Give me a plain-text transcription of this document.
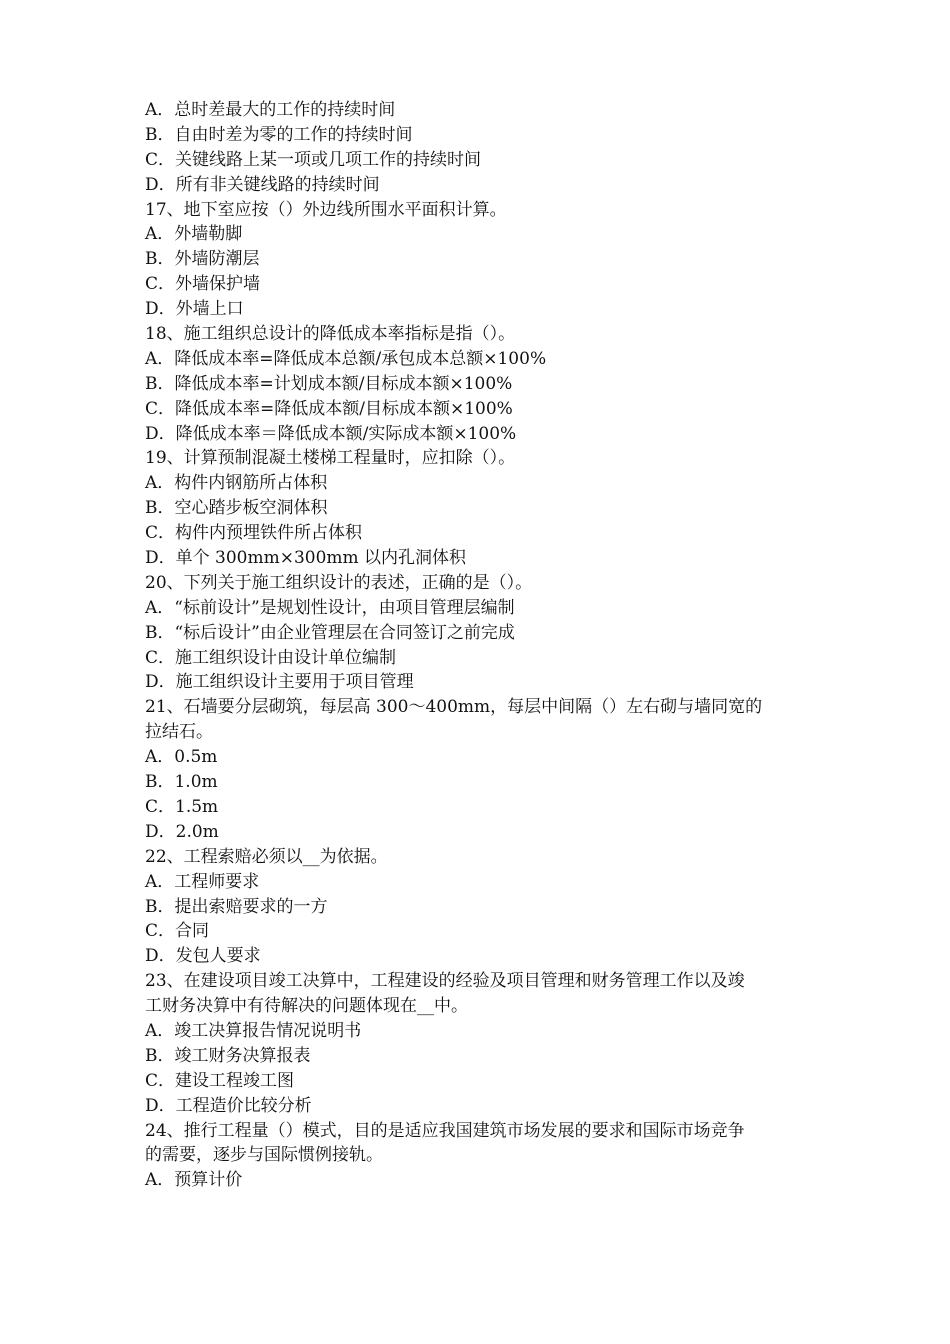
A．总时差最大的工作的持续时间
B．自由时差为零的工作的持续时间
C．关键线路上某一项或几项工作的持续时间
D．所有非关键线路的持续时间
17、地下室应按（）外边线所围水平面积计算。
A．外墙勒脚
B．外墙防潮层
C．外墙保护墙
D．外墙上口
18、施工组织总设计的降低成本率指标是指（）。
A．降低成本率=降低成本总额/承包成本总额×100%
B．降低成本率=计划成本额/目标成本额×100%
C．降低成本率=降低成本额/目标成本额×100%
D．降低成本率＝降低成本额/实际成本额×100%
19、计算预制混凝土楼梯工程量时，应扣除（）。
A．构件内钢筋所占体积
B．空心踏步板空洞体积
C．构件内预埋铁件所占体积
D．单个 300mm×300mm 以内孔洞体积
20、下列关于施工组织设计的表述，正确的是（）。
A．“标前设计”是规划性设计，由项目管理层编制
B．“标后设计”由企业管理层在合同签订之前完成
C．施工组织设计由设计单位编制
D．施工组织设计主要用于项目管理
21、石墙要分层砌筑，每层高 300～400mm，每层中间隔（）左右砌与墙同宽的
拉结石。
A．0.5m
B．1.0m
C．1.5m
D．2.0m
22、工程索赔必须以__为依据。
A．工程师要求
B．提出索赔要求的一方
C．合同
D．发包人要求
23、在建设项目竣工决算中，工程建设的经验及项目管理和财务管理工作以及竣
工财务决算中有待解决的问题体现在__中。
A．竣工决算报告情况说明书
B．竣工财务决算报表
C．建设工程竣工图
D．工程造价比较分析
24、推行工程量（）模式，目的是适应我国建筑市场发展的要求和国际市场竞争
的需要，逐步与国际惯例接轨。
A．预算计价
